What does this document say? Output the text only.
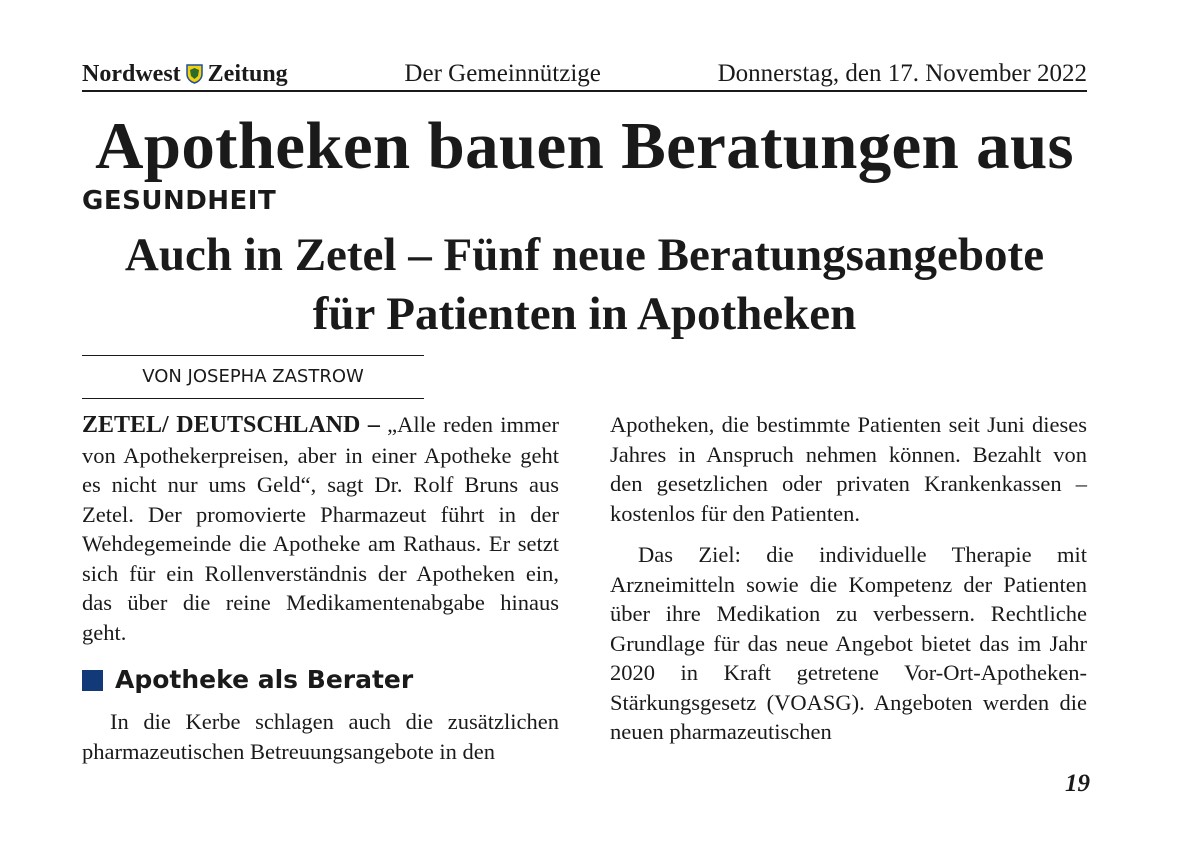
Nordwest Zeitung	Der Gemeinnützige	Donnerstag, den 17. November 2022
Apotheken bauen Beratungen aus
GESUNDHEIT
Auch in Zetel – Fünf neue Beratungsangebote
für Patienten in Apotheken
VON JOSEPHA ZASTROW

ZETEL/ DEUTSCHLAND – „Alle reden immer von Apothekerpreisen, aber in einer Apotheke geht es nicht nur ums Geld“, sagt Dr. Rolf Bruns aus Zetel. Der promovierte Pharmazeut führt in der Wehdegemeinde die Apotheke am Rathaus. Er setzt sich für ein Rollenverständnis der Apotheken ein, das über die reine Medikamentenabgabe hinaus geht.

Apotheke als Berater

In die Kerbe schlagen auch die zusätzlichen pharmazeutischen Betreuungsangebote in den

Apotheken, die bestimmte Patienten seit Juni dieses Jahres in Anspruch nehmen können. Bezahlt von den gesetzlichen oder privaten Krankenkassen – kostenlos für den Patienten.

Das Ziel: die individuelle Therapie mit Arzneimitteln sowie die Kompetenz der Patienten über ihre Medikation zu verbessern. Rechtliche Grundlage für das neue Angebot bietet das im Jahr 2020 in Kraft getretene Vor-Ort-Apotheken-Stärkungsgesetz (VOASG). Angeboten werden die neuen pharmazeutischen

19
